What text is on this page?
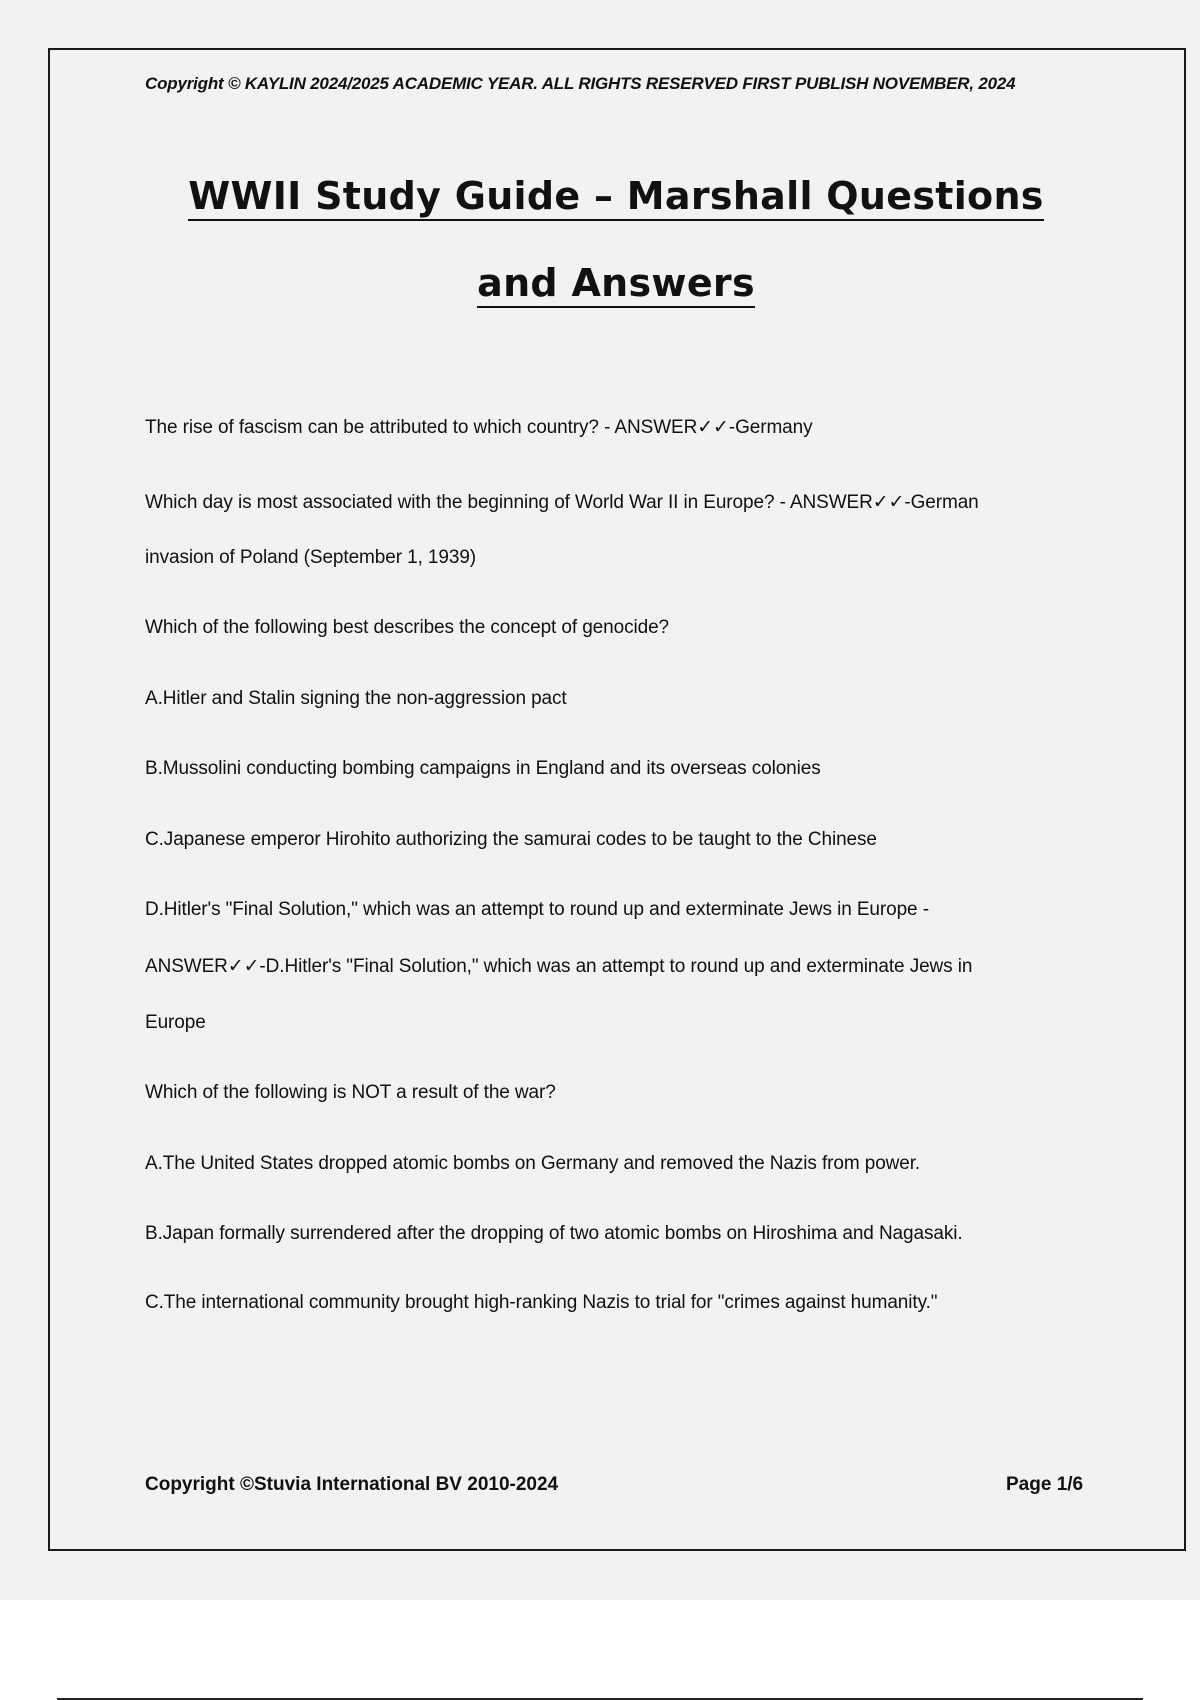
Copyright © KAYLIN 2024/2025 ACADEMIC YEAR. ALL RIGHTS RESERVED FIRST PUBLISH NOVEMBER, 2024
WWII Study Guide – Marshall Questions
and Answers
The rise of fascism can be attributed to which country? - ANSWER✓✓-Germany
Which day is most associated with the beginning of World War II in Europe? - ANSWER✓✓-German
invasion of Poland (September 1, 1939)
Which of the following best describes the concept of genocide?
A.Hitler and Stalin signing the non-aggression pact
B.Mussolini conducting bombing campaigns in England and its overseas colonies
C.Japanese emperor Hirohito authorizing the samurai codes to be taught to the Chinese
D.Hitler's "Final Solution," which was an attempt to round up and exterminate Jews in Europe -
ANSWER✓✓-D.Hitler's "Final Solution," which was an attempt to round up and exterminate Jews in
Europe
Which of the following is NOT a result of the war?
A.The United States dropped atomic bombs on Germany and removed the Nazis from power.
B.Japan formally surrendered after the dropping of two atomic bombs on Hiroshima and Nagasaki.
C.The international community brought high-ranking Nazis to trial for "crimes against humanity."
Copyright ©Stuvia International BV 2010-2024	Page 1/6
